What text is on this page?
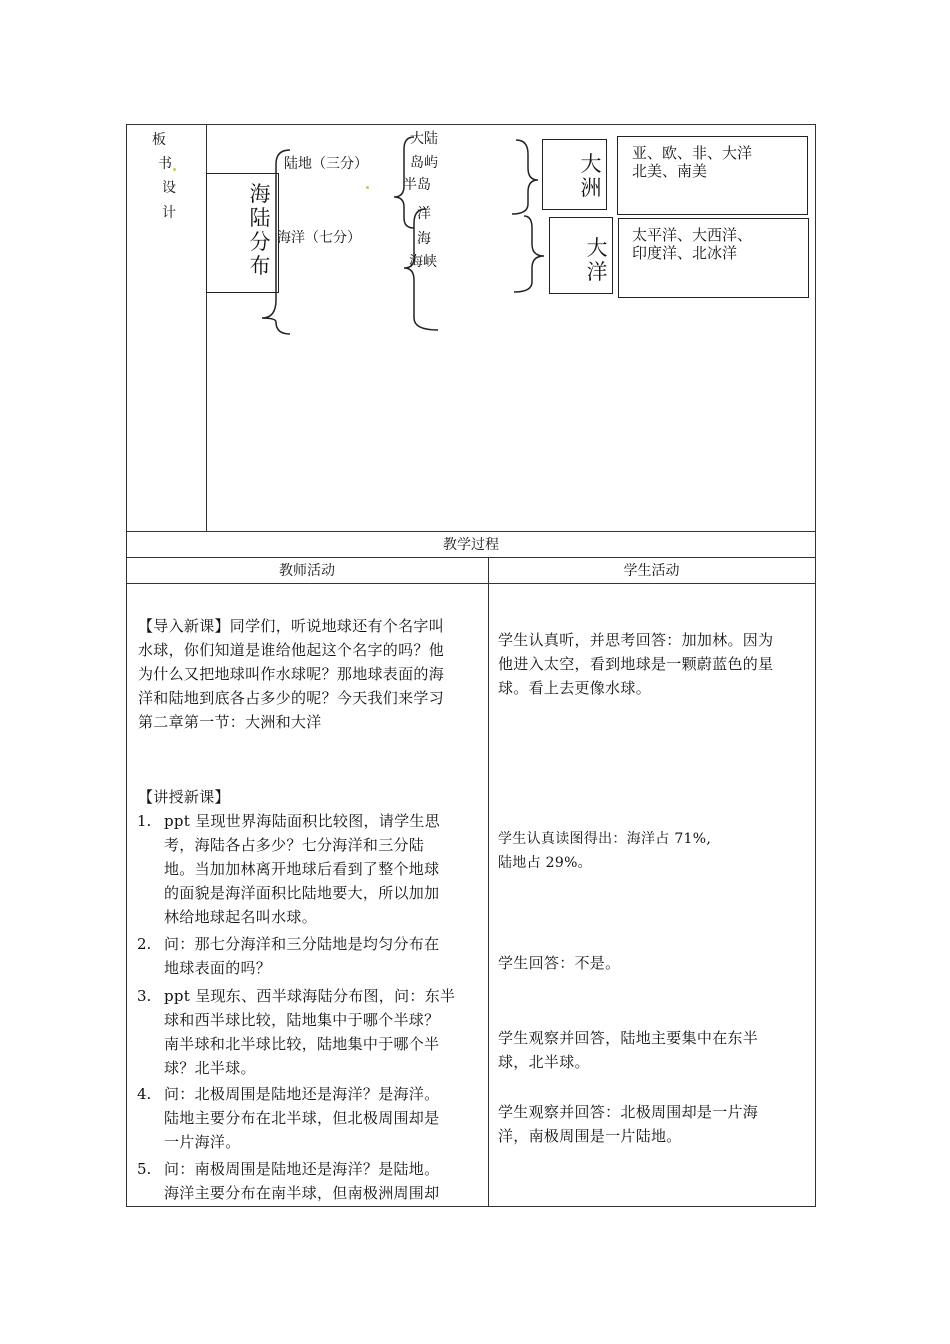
板
书
设
计
海陆分布
陆地（三分）
海洋（七分）
大陆
岛屿
半岛
洋
海
海峡
大洲
亚、欧、非、大洋
北美、南美
大洋
太平洋、大西洋、
印度洋、北冰洋
教学过程
教师活动	学生活动
【导入新课】同学们，听说地球还有个名字叫
水球，你们知道是谁给他起这个名字的吗？他
为什么又把地球叫作水球呢？那地球表面的海
洋和陆地到底各占多少的呢？今天我们来学习
第二章第一节：大洲和大洋
【讲授新课】
1. ppt 呈现世界海陆面积比较图，请学生思
考，海陆各占多少？七分海洋和三分陆
地。当加加林离开地球后看到了整个地球
的面貌是海洋面积比陆地要大，所以加加
林给地球起名叫水球。
2. 问：那七分海洋和三分陆地是均匀分布在
地球表面的吗？
3. ppt 呈现东、西半球海陆分布图，问：东半
球和西半球比较，陆地集中于哪个半球？
南半球和北半球比较，陆地集中于哪个半
球？北半球。
4. 问：北极周围是陆地还是海洋？是海洋。
陆地主要分布在北半球，但北极周围却是
一片海洋。
5. 问：南极周围是陆地还是海洋？是陆地。
海洋主要分布在南半球，但南极洲周围却
学生认真听，并思考回答：加加林。因为
他进入太空，看到地球是一颗蔚蓝色的星
球。看上去更像水球。
学生认真读图得出：海洋占 71%,
陆地占 29%。
学生回答：不是。
学生观察并回答，陆地主要集中在东半
球，北半球。
学生观察并回答：北极周围却是一片海
洋，南极周围是一片陆地。
